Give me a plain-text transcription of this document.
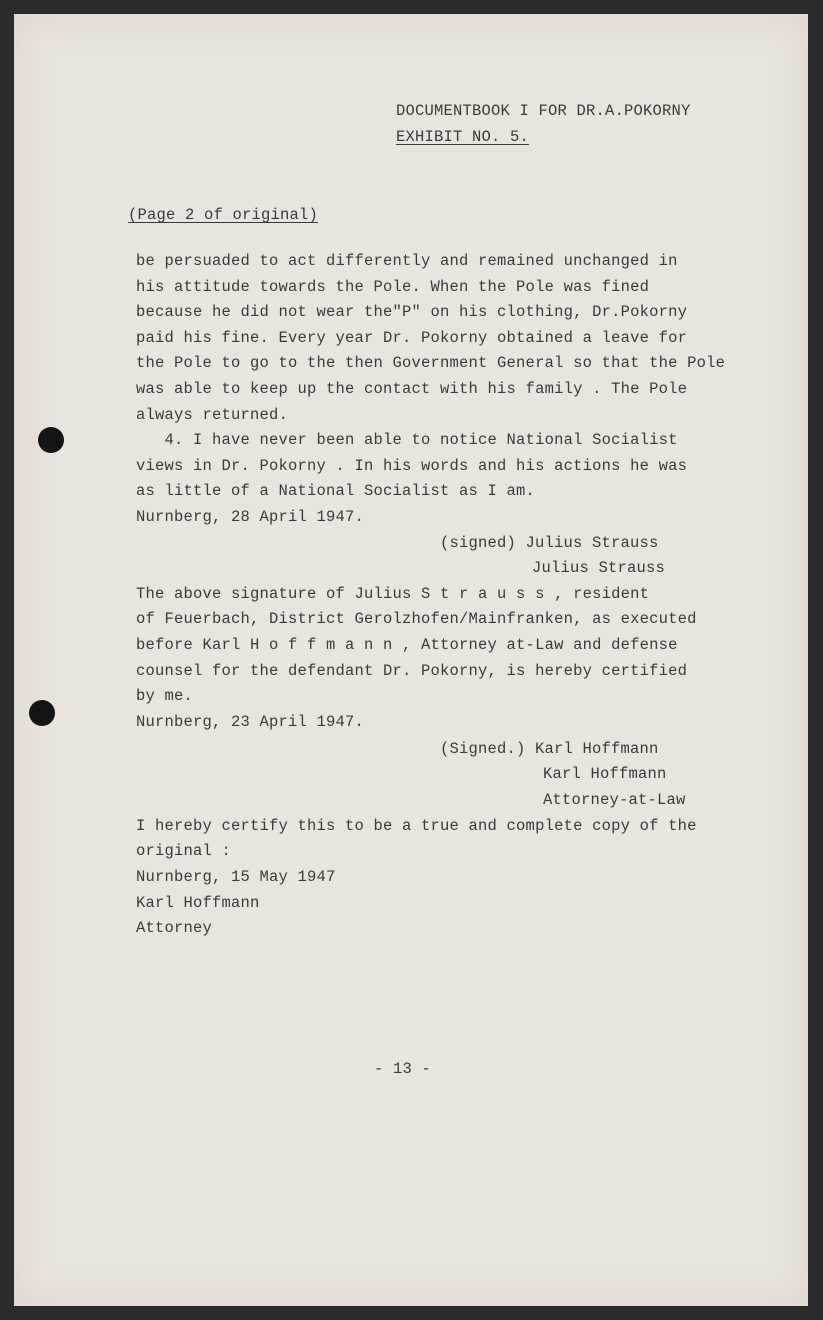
DOCUMENTBOOK I FOR DR.A.POKORNY

EXHIBIT NO. 5.

(Page 2 of original)

be persuaded to act differently and remained unchanged in

his attitude towards the Pole. When the Pole was fined

because he did not wear the"P" on his clothing, Dr.Pokorny

paid his fine. Every year Dr. Pokorny obtained a leave for

the Pole to go to the then Government General so that the Pole

was able to keep up the contact with his family . The Pole

always returned.

4. I have never been able to notice National Socialist

views in Dr. Pokorny . In his words and his actions he was

as little of a National Socialist as I am.

Nurnberg, 28 April 1947.

(signed) Julius Strauss

Julius Strauss

The above signature of Julius S t r a u s s , resident

of Feuerbach, District Gerolzhofen/Mainfranken, as executed

before Karl H o f f m a n n , Attorney at-Law and defense

counsel for the defendant Dr. Pokorny, is hereby certified

by me.

Nurnberg, 23 April 1947.

(Signed.) Karl Hoffmann

Karl Hoffmann

Attorney-at-Law

I hereby certify this to be a true and complete copy of the

original :

Nurnberg, 15 May 1947

Karl Hoffmann

Attorney

- 13 -
